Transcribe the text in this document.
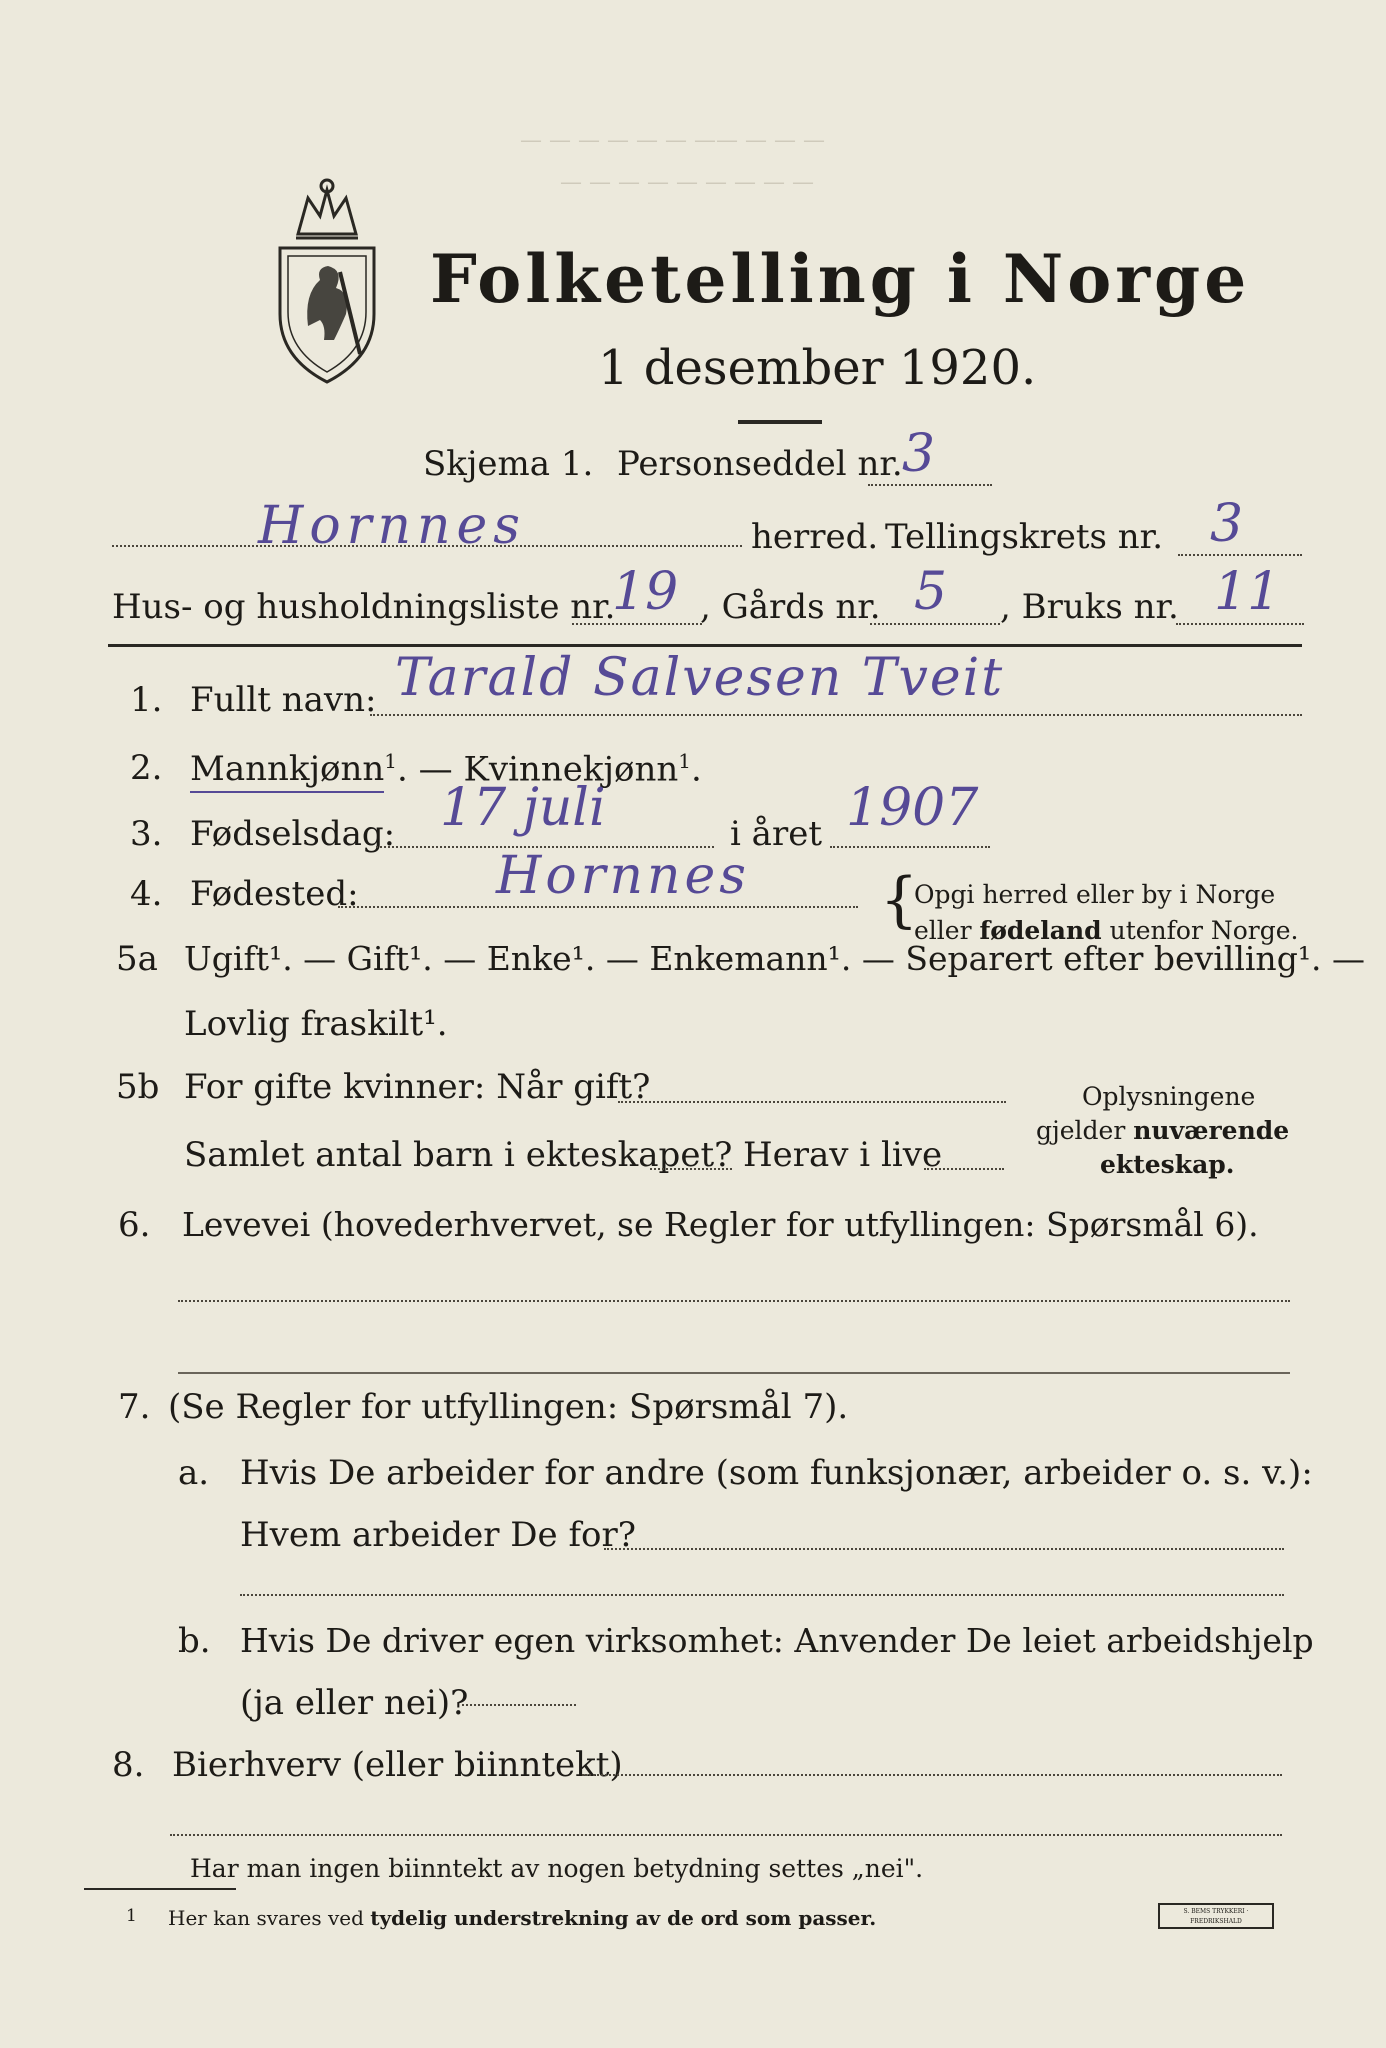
— — — — — — —— — — —
— — — — — — — — —
Folketelling i Norge
1 desember 1920.
Skjema 1. Personseddel nr. 3
Hornnes	herred. Tellingskrets nr. 3
Hus- og husholdningsliste nr.
19 , Gårds nr. 5 , Bruks nr. 11
1. Fullt navn: Tarald Salvesen Tveit
2. Mannkjønn$^1$. — Kvinnekjønn$^1$.
3. Fødselsdag: 17 juli	i året 1907
4. Fødested:	Hornnes {
Opgi herred eller by i Norge
eller fødeland utenfor Norge.
5a Ugift¹. — Gift¹. — Enke¹. — Enkemann¹. — Separert efter bevilling¹. —
Lovlig fraskilt¹.
5b For gifte kvinner: Når gift?
Samlet antal barn i ekteskapet? Herav i live
Oplysningene
gjelder nuværende
ekteskap.
6. Levevei (hovederhvervet, se Regler for utfyllingen: Spørsmål 6).
7. (Se Regler for utfyllingen: Spørsmål 7).
a. Hvis De arbeider for andre (som funksjonær, arbeider o. s. v.):
Hvem arbeider De for?
b. Hvis De driver egen virksomhet: Anvender De leiet arbeidshjelp
(ja eller nei)?
8. Bierhverv (eller biinntekt)
Har man ingen biinntekt av nogen betydning settes „nei".
1 Her kan svares ved tydelig understrekning av de ord som passer.	S. BEMS TRYKKERI · FREDRIKSHALD
